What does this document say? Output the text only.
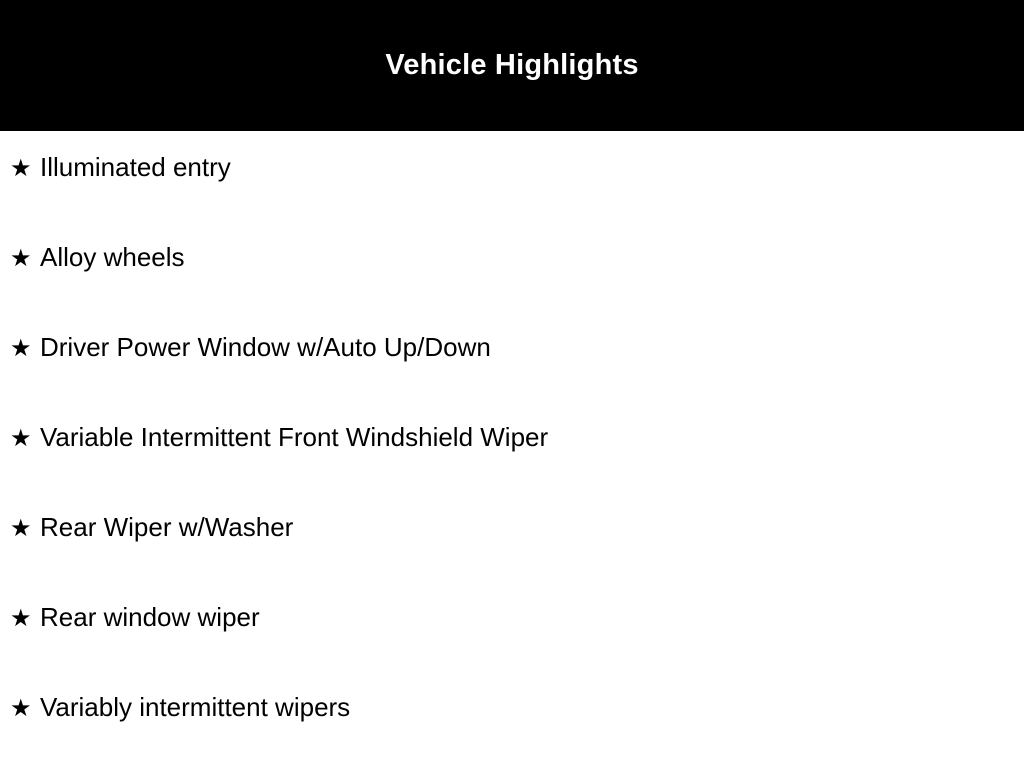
Vehicle Highlights
★ Illuminated entry
★ Alloy wheels
★ Driver Power Window w/Auto Up/Down
★ Variable Intermittent Front Windshield Wiper
★ Rear Wiper w/Washer
★ Rear window wiper
★ Variably intermittent wipers
